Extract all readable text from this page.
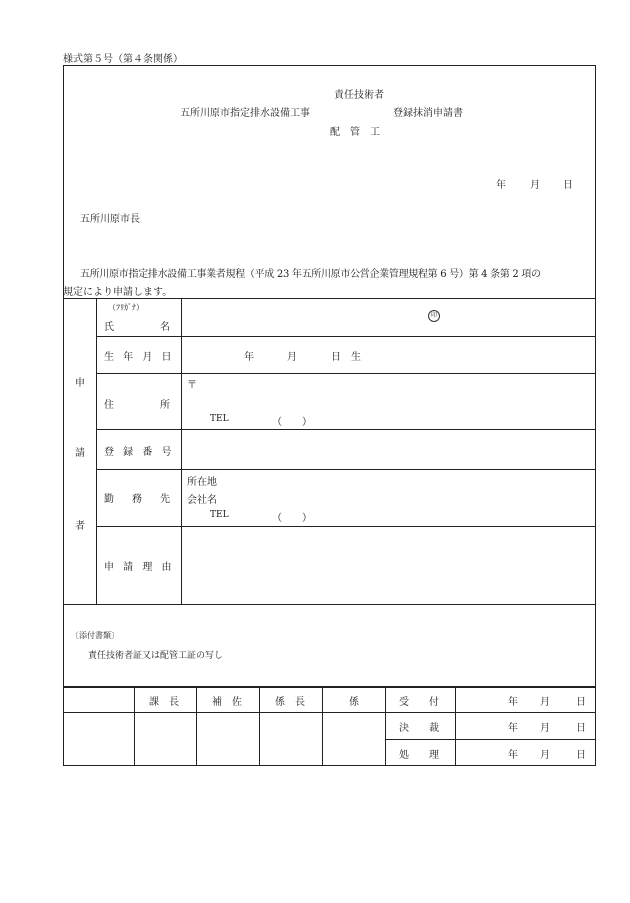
様式第５号（第４条関係）
責任技術者
五所川原市指定排水設備工事	登録抹消申請書
配　管　工
年 月 日
五所川原市長
五所川原市指定排水設備工事業者規程（平成 23 年五所川原市公営企業管理規程第 6 号）第 4 条第 2 項の
規定により申請します。
申
請
者
（ﾌﾘｶﾞﾅ）
氏　　　名
印
生 年 月 日	年	月	日　生
住　　　所
〒
TEL	（　　）
登 録 番 号
勤　務　先
所在地
会社名
TEL	（　　）
申 請 理 由
〔添付書類〕
責任技術者証又は配管工証の写し
課　長	補　佐	係　長	係	受　　付	年 月	日
決　　裁	年 月	日
処　　理	年 月	日
